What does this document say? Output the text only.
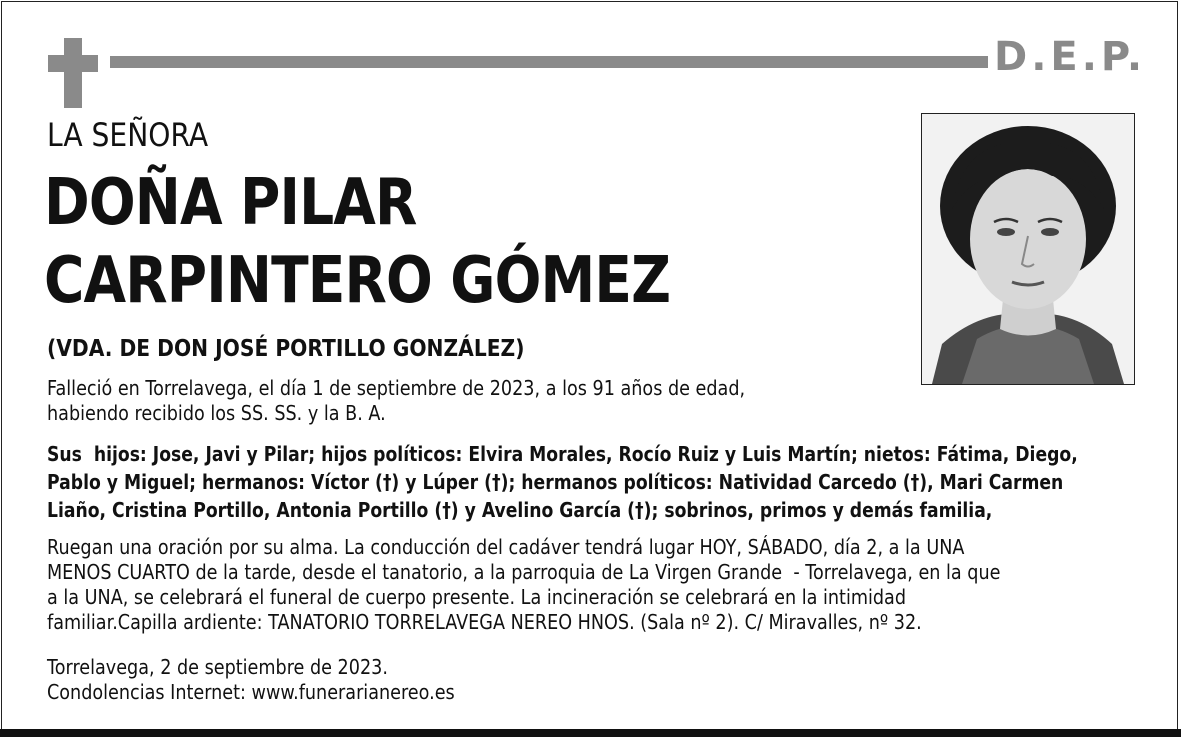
D.E.P.
LA SEÑORA
DOÑA PILAR
CARPINTERO GÓMEZ
(VDA. DE DON JOSÉ PORTILLO GONZÁLEZ)
Falleció en Torrelavega, el día 1 de septiembre de 2023, a los 91 años de edad,
habiendo recibido los SS. SS. y la B. A.
Sus  hijos: Jose, Javi y Pilar; hijos políticos: Elvira Morales, Rocío Ruiz y Luis Martín; nietos: Fátima, Diego,
Pablo y Miguel; hermanos: Víctor (†) y Lúper (†); hermanos políticos: Natividad Carcedo (†), Mari Carmen
Liaño, Cristina Portillo, Antonia Portillo (†) y Avelino García (†); sobrinos, primos y demás familia,
Ruegan una oración por su alma. La conducción del cadáver tendrá lugar HOY, SÁBADO, día 2, a la UNA
MENOS CUARTO de la tarde, desde el tanatorio, a la parroquia de La Virgen Grande  - Torrelavega, en la que
a la UNA, se celebrará el funeral de cuerpo presente. La incineración se celebrará en la intimidad
familiar.Capilla ardiente: TANATORIO TORRELAVEGA NEREO HNOS. (Sala nº 2). C/ Miravalles, nº 32.
Torrelavega, 2 de septiembre de 2023.
Condolencias Internet: www.funerarianereo.es
